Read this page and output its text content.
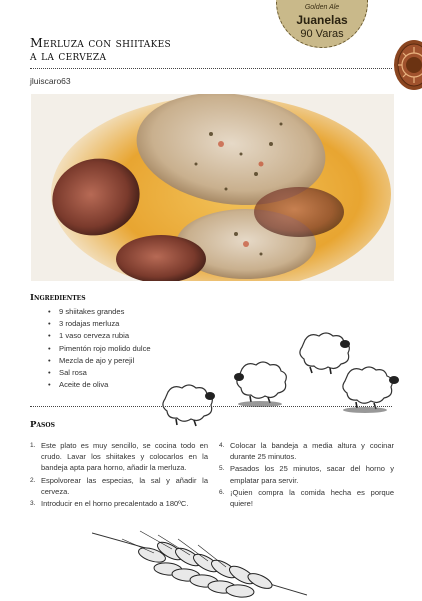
Golden Ale
Juanelas
90 Varas
Merluza con shiitakes
a la cerveza
jluiscaro63
Ingredientes
• 9 shiitakes grandes
• 3 rodajas merluza
• 1 vaso cerveza rubia
• Pimentón rojo molido dulce
• Mezcla de ajo y perejil
• Sal rosa
• Aceite de oliva
Pasos
1. Este plato es muy sencillo, se cocina todo en crudo. Lavar los shiitakes y colocarlos en la bandeja apta para horno, añadir la merluza.
2. Espolvorear las especias, la sal y añadir la cerveza.
3. Introducir en el horno precalentado a 180ºC.
4. Colocar la bandeja a media altura y cocinar durante 25 minutos.
5. Pasados los 25 minutos, sacar del horno y emplatar para servir.
6. ¡Quien compra la comida hecha es porque quiere!
